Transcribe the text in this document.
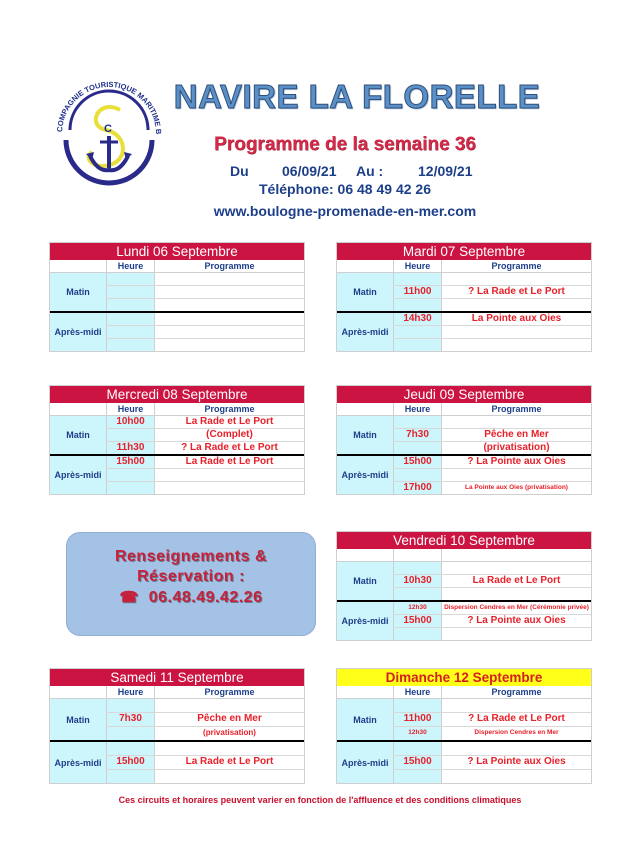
COMPAGNIE TOURISTIQUE MARITIME B
C
NAVIRE LA FLORELLE
Programme de la semaine 36
Du 06/09/21 Au : 12/09/21
Téléphone: 06 48 49 42 26
www.boulogne-promenade-en-mer.com
Lundi 06 Septembre
Heure	Programme
Matin
Après-midi
Mardi 07 Septembre
Heure	Programme
Matin	11h00	? La Rade et Le Port
Après-midi
14h30	La Pointe aux Oies
Mercredi 08 Septembre
Heure	Programme
Matin
10h00	La Rade et Le Port
(Complet)
11h30	? La Rade et Le Port
Après-midi
15h00	La Rade et Le Port
Jeudi 09 Septembre
Heure	Programme
Matin	7h30	Pêche en Mer
(privatisation)
Après-midi
15h00	? La Pointe aux Oies
17h00	La Pointe aux Oies (privatisation)
Vendredi 10 Septembre
Matin	10h30	La Rade et Le Port
Après-midi
12h30	Dispersion Cendres en Mer (Cérémonie privée)
15h00	? La Pointe aux Oies
Samedi 11 Septembre
Heure	Programme
Matin	7h30	Pêche en Mer
(privatisation)
Après-midi	15h00	La Rade et Le Port
Dimanche 12 Septembre
Heure	Programme
Matin	11h00	? La Rade et Le Port
12h30	Dispersion Cendres en Mer
Après-midi	15h00	? La Pointe aux Oies
Renseignements &
Réservation :
☎ 06.48.49.42.26
Ces circuits et horaires peuvent varier en fonction de l'affluence et des conditions climatiques
